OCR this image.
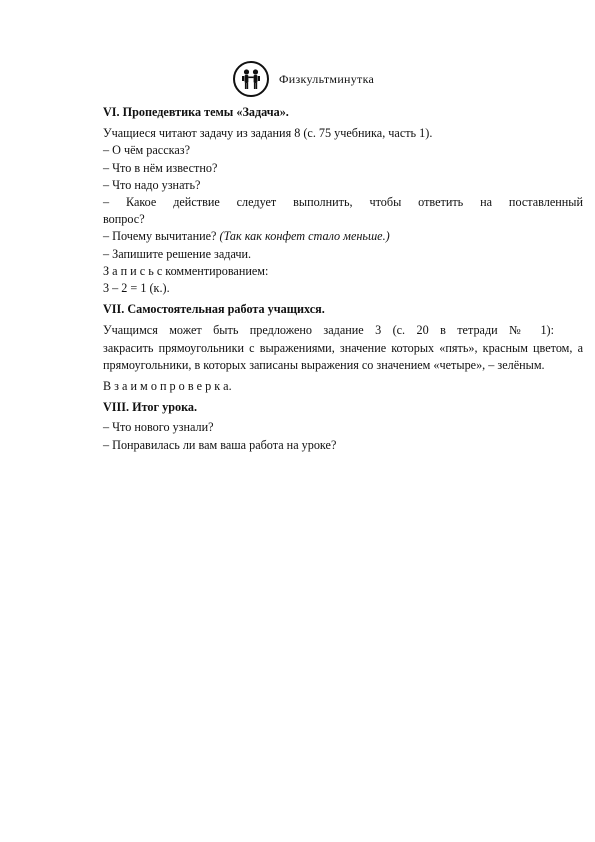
Физкультминутка

VI. Пропедевтика темы «Задача».

Учащиеся читают задачу из задания 8 (с. 75 учебника, часть 1).

– О чём рассказ?

– Что в нём известно?

– Что надо узнать?

– Какое действие следует выполнить, чтобы ответить на поставленный

вопрос?

– Почему вычитание? (Так как конфет стало меньше.)

– Запишите решение задачи.

З а п и с ь с комментированием:

3 – 2 = 1 (к.).

VII. Самостоятельная работа учащихся.

Учащимся может быть предложено задание 3 (с. 20 в тетради № 1):

закрасить прямоугольники с выражениями, значение которых «пять», красным цветом, а прямоугольники, в которых записаны выражения со значением «четыре», – зелёным.

В з а и м о п р о в е р к а.

VIII. Итог урока.

– Что нового узнали?

– Понравилась ли вам ваша работа на уроке?
